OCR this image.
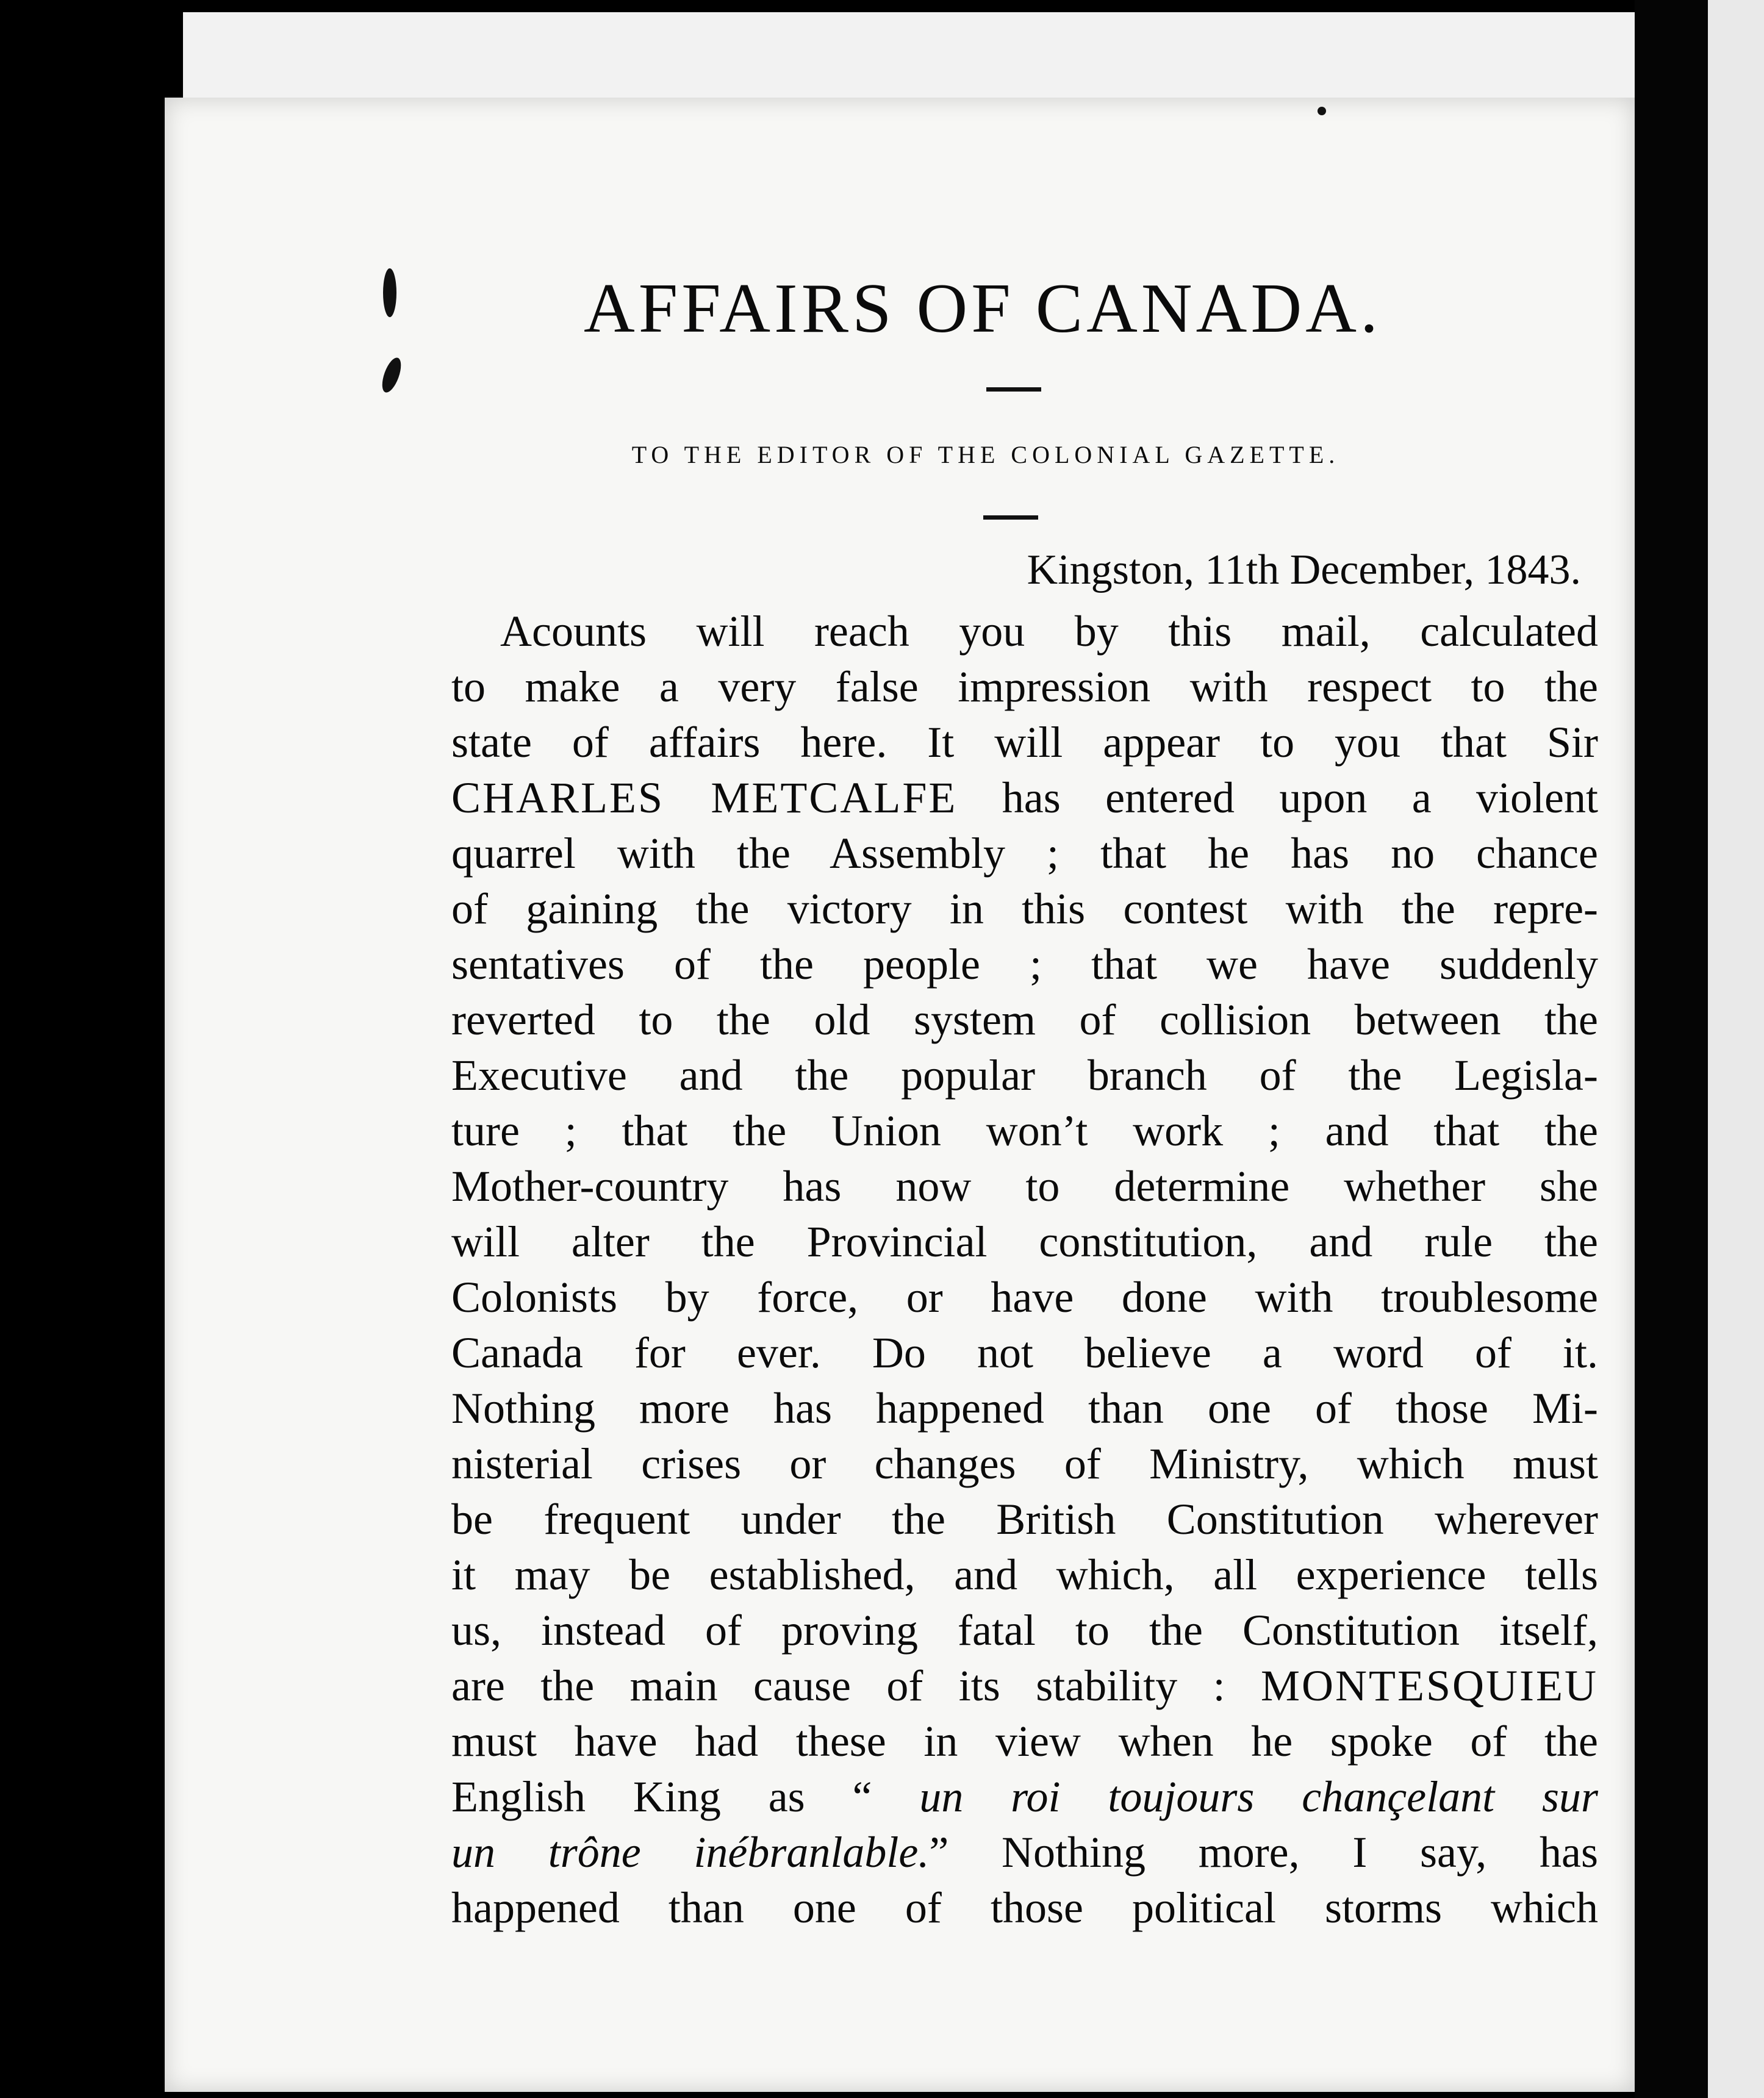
AFFAIRS OF CANADA.
TO THE EDITOR OF THE COLONIAL GAZETTE.
Kingston, 11th December, 1843.
Acounts will reach you by this mail, calculated
to make a very false impression with respect to the
state of affairs here. It will appear to you that Sir
CHARLES METCALFE has entered upon a violent
quarrel with the Assembly ; that he has no chance
of gaining the victory in this contest with the repre-
sentatives of the people ; that we have suddenly
reverted to the old system of collision between the
Executive and the popular branch of the Legisla-
ture ; that the Union won’t work ; and that the
Mother-country has now to determine whether she
will alter the Provincial constitution, and rule the
Colonists by force, or have done with troublesome
Canada for ever. Do not believe a word of it.
Nothing more has happened than one of those Mi-
nisterial crises or changes of Ministry, which must
be frequent under the British Constitution wherever
it may be established, and which, all experience tells
us, instead of proving fatal to the Constitution itself,
are the main cause of its stability : MONTESQUIEU
must have had these in view when he spoke of the
English King as “ un roi toujours chançelant sur
un trône inébranlable.” Nothing more, I say, has
happened than one of those political storms which
